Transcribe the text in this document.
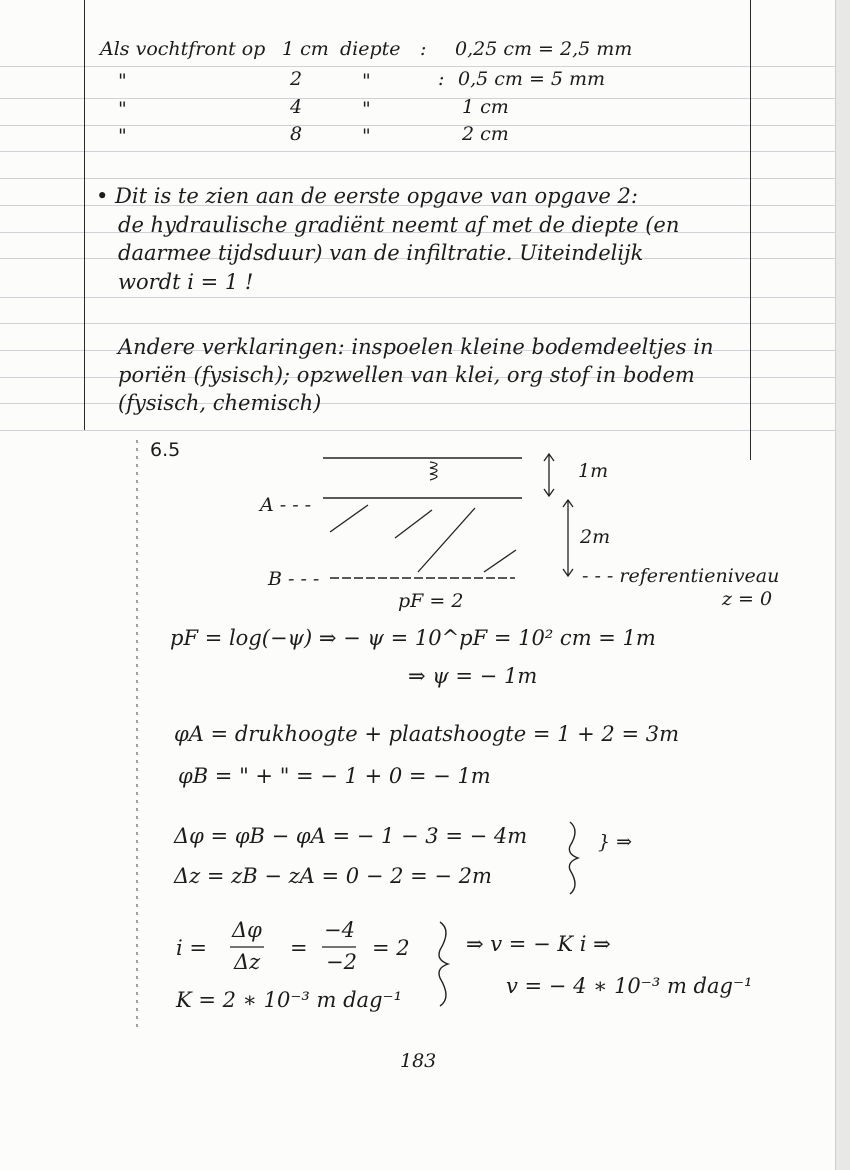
Als vochtfront op 1 cm diepte : 0,25 cm = 2,5 mm
"	2	"	: 0,5 cm = 5 mm
"	4	"	1 cm
"	8	"	2 cm
• Dit is te zien aan de eerste opgave van opgave 2:
de hydraulische gradiënt neemt af met de diepte (en
daarmee tijdsduur) van de infiltratie. Uiteindelijk
wordt i = 1 !
Andere verklaringen: inspoelen kleine bodemdeeltjes in
poriën (fysisch); opzwellen van klei, org stof in bodem
(fysisch, chemisch)
6.5
A - - -
B - - -
1m
2m
- - - referentieniveau
z = 0
pF = 2
pF = log(−ψ) ⇒ − ψ = 10^pF = 10² cm = 1m
⇒ ψ = − 1m
φA = drukhoogte + plaatshoogte = 1 + 2 = 3m
φB = " + " = − 1 + 0 = − 1m
Δφ = φB − φA = − 1 − 3 = − 4m
Δz = zB − zA = 0 − 2 = − 2m
} ⇒
i =
Δφ
Δz
=
−4
−2
= 2
K = 2 ∗ 10⁻³ m dag⁻¹
⇒ v = − K i ⇒
v = − 4 ∗ 10⁻³ m dag⁻¹
183
